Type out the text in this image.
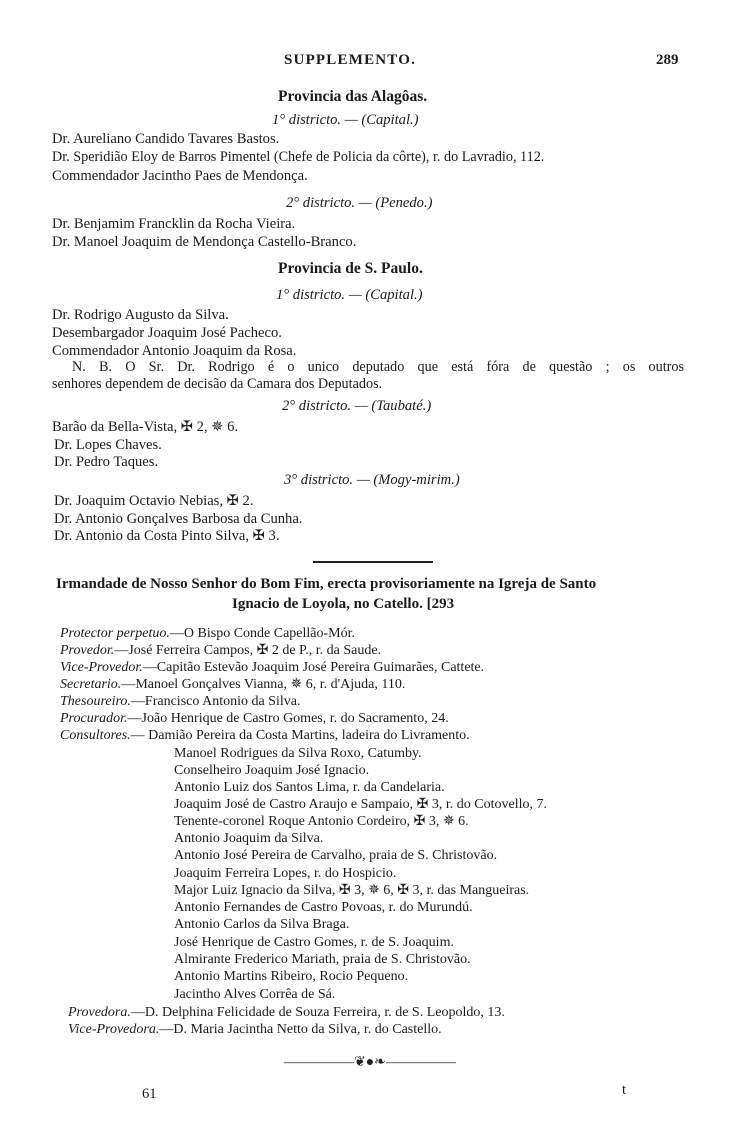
SUPPLEMENTO.	289
Provincia das Alagôas.
1° districto. — (Capital.)
Dr. Aureliano Candido Tavares Bastos.
Dr. Speridião Eloy de Barros Pimentel (Chefe de Policia da côrte), r. do Lavradio, 112.
Commendador Jacintho Paes de Mendonça.
2° districto. — (Penedo.)
Dr. Benjamim Francklin da Rocha Vieira.
Dr. Manoel Joaquim de Mendonça Castello-Branco.
Provincia de S. Paulo.
1° districto. — (Capital.)
Dr. Rodrigo Augusto da Silva.
Desembargador Joaquim José Pacheco.
Commendador Antonio Joaquim da Rosa.
N. B. O Sr. Dr. Rodrigo é o unico deputado que está fóra de questão ; os outros
senhores dependem de decisão da Camara dos Deputados.
2° districto. — (Taubaté.)
Barão da Bella-Vista, ✠ 2, ✵ 6.
Dr. Lopes Chaves.
Dr. Pedro Taques.
3° districto. — (Mogy-mirim.)
Dr. Joaquim Octavio Nebias, ✠ 2.
Dr. Antonio Gonçalves Barbosa da Cunha.
Dr. Antonio da Costa Pinto Silva, ✠ 3.
Irmandade de Nosso Senhor do Bom Fim, erecta provisoriamente na Igreja de Santo
Ignacio de Loyola, no Catello. [293
Protector perpetuo.—O Bispo Conde Capellão-Mór.
Provedor.—José Ferreira Campos, ✠ 2 de P., r. da Saude.
Vice-Provedor.—Capitão Estevão Joaquim José Pereira Guimarães, Cattete.
Secretario.—Manoel Gonçalves Vianna, ✵ 6, r. d'Ajuda, 110.
Thesoureiro.—Francisco Antonio da Silva.
Procurador.—João Henrique de Castro Gomes, r. do Sacramento, 24.
Consultores.— Damião Pereira da Costa Martins, ladeira do Livramento.
Manoel Rodrigues da Silva Roxo, Catumby.
Conselheiro Joaquim José Ignacio.
Antonio Luiz dos Santos Lima, r. da Candelaria.
Joaquim José de Castro Araujo e Sampaio, ✠ 3, r. do Cotovello, 7.
Tenente-coronel Roque Antonio Cordeiro, ✠ 3, ✵ 6.
Antonio Joaquim da Silva.
Antonio José Pereira de Carvalho, praia de S. Christovão.
Joaquim Ferreira Lopes, r. do Hospicio.
Major Luiz Ignacio da Silva, ✠ 3, ✵ 6, ✠ 3, r. das Mangueiras.
Antonio Fernandes de Castro Povoas, r. do Murundú.
Antonio Carlos da Silva Braga.
José Henrique de Castro Gomes, r. de S. Joaquim.
Almirante Frederico Mariath, praia de S. Christovão.
Antonio Martins Ribeiro, Rocio Pequeno.
Jacintho Alves Corrêa de Sá.
Provedora.—D. Delphina Felicidade de Souza Ferreira, r. de S. Leopoldo, 13.
Vice-Provedora.—D. Maria Jacintha Netto da Silva, r. do Castello.
—————❦●❧—————
61	t
